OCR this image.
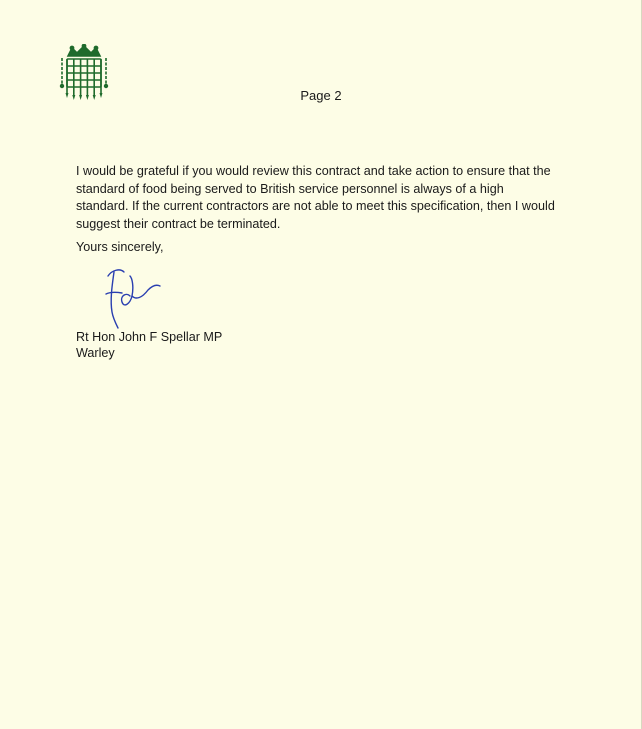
Page 2

I would be grateful if you would review this contract and take action to ensure that the standard of food being served to British service personnel is always of a high standard. If the current contractors are not able to meet this specification, then I would suggest their contract be terminated.

Yours sincerely,

Rt Hon John F Spellar MP

Warley
